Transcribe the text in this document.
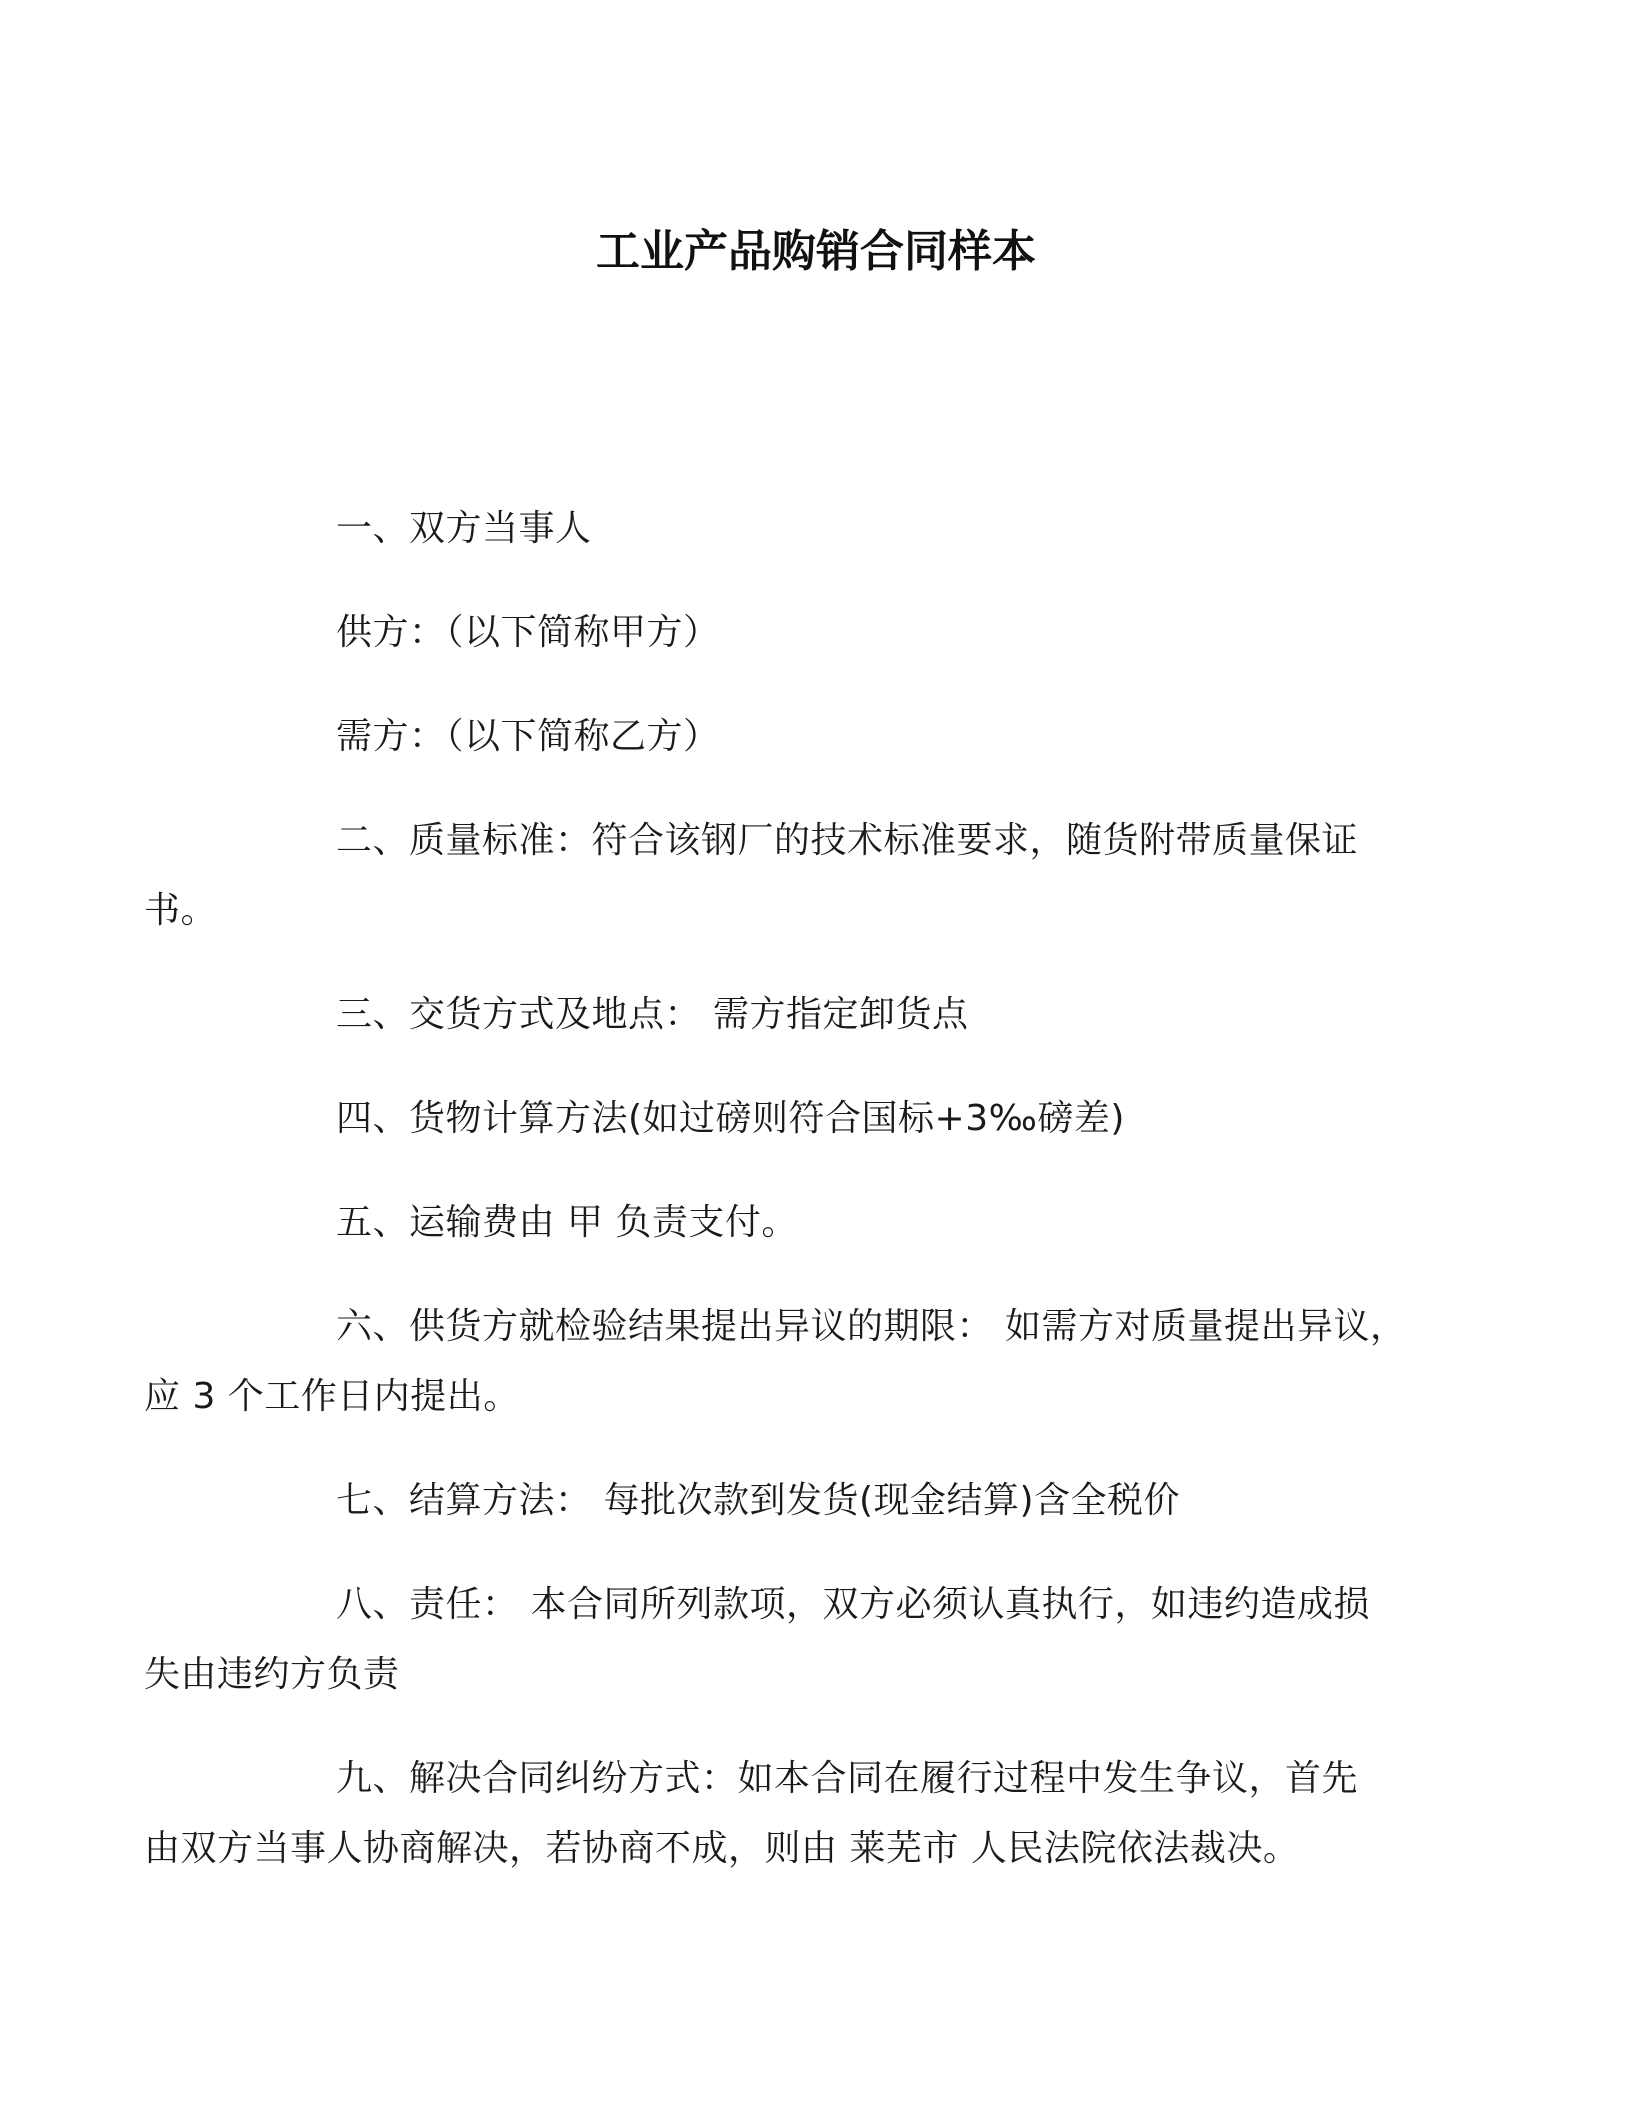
工业产品购销合同样本

一、双方当事人

供方：（以下简称甲方）

需方：（以下简称乙方）

二、质量标准：符合该钢厂的技术标准要求，随货附带质量保证
书。

三、交货方式及地点： 需方指定卸货点

四、货物计算方法(如过磅则符合国标+3‰磅差)

五、运输费由 甲 负责支付。

六、供货方就检验结果提出异议的期限： 如需方对质量提出异议，
应 3 个工作日内提出。

七、结算方法： 每批次款到发货(现金结算)含全税价

八、责任： 本合同所列款项，双方必须认真执行，如违约造成损
失由违约方负责

九、解决合同纠纷方式：如本合同在履行过程中发生争议，首先
由双方当事人协商解决，若协商不成，则由 莱芜市 人民法院依法裁决。
